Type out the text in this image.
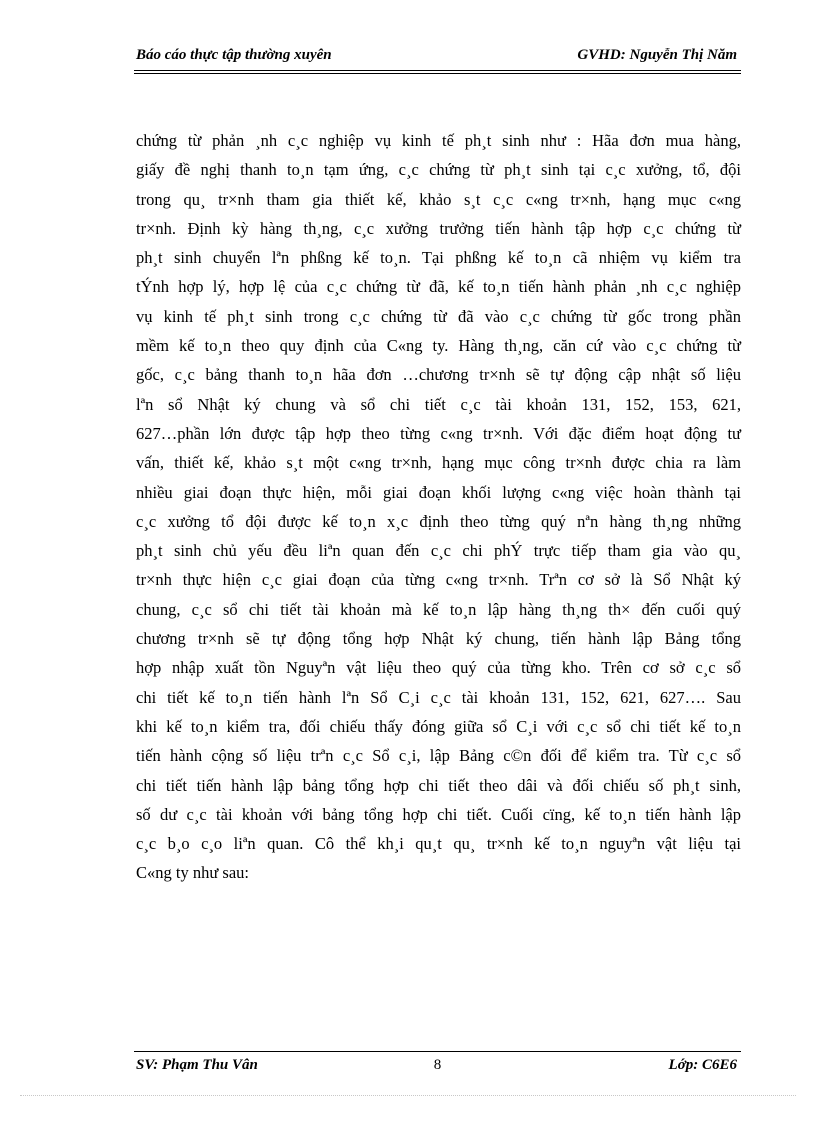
Báo cáo thực tập thường xuyên	GVHD: Nguyễn Thị Năm
chứng từ phản ¸nh c¸c nghiệp vụ kinh tế ph¸t sinh như : Hãa đơn mua hàng,
giấy đề nghị thanh to¸n tạm ứng, c¸c chứng từ ph¸t sinh tại c¸c xưởng, tổ, đội
trong qu¸ tr×nh tham gia thiết kế, khảo s¸t c¸c c«ng tr×nh, hạng mục c«ng
tr×nh. Định kỳ hàng th¸ng, c¸c xưởng trưởng tiến hành tập hợp c¸c chứng từ
ph¸t sinh chuyển lªn phßng kế to¸n. Tại phßng kế to¸n cã nhiệm vụ kiểm tra
tÝnh hợp lý, hợp lệ của c¸c chứng từ đã, kế to¸n tiến hành phản ¸nh c¸c nghiệp
vụ kinh tế ph¸t sinh trong c¸c chứng từ đã vào c¸c chứng từ gốc trong phần
mềm kế to¸n theo quy định của C«ng ty. Hàng th¸ng, căn cứ vào c¸c chứng từ
gốc, c¸c bảng thanh to¸n hãa đơn …chương tr×nh sẽ tự động cập nhật số liệu
lªn sổ Nhật ký chung và sổ chi tiết c¸c tài khoản 131, 152, 153, 621,
627…phần lớn được tập hợp theo từng c«ng tr×nh. Với đặc điểm hoạt động tư
vấn, thiết kế, khảo s¸t một c«ng tr×nh, hạng mục công tr×nh được chia ra làm
nhiều giai đoạn thực hiện, mỗi giai đoạn khối lượng c«ng việc hoàn thành tại
c¸c xưởng tổ đội được kế to¸n x¸c định theo từng quý nªn hàng th¸ng những
ph¸t sinh chủ yếu đều liªn quan đến c¸c chi phÝ trực tiếp tham gia vào qu¸
tr×nh thực hiện c¸c giai đoạn của từng c«ng tr×nh. Trªn cơ sở là Sổ Nhật ký
chung, c¸c sổ chi tiết tài khoản mà kế to¸n lập hàng th¸ng th× đến cuối quý
chương tr×nh sẽ tự động tổng hợp Nhật ký chung, tiến hành lập Bảng tổng
hợp nhập xuất tồn Nguyªn vật liệu theo quý của từng kho. Trên cơ sở c¸c sổ
chi tiết kế to¸n tiến hành lªn Sổ C¸i c¸c tài khoản 131, 152, 621, 627…. Sau
khi kế to¸n kiểm tra, đối chiếu thấy đóng giữa sổ C¸i với c¸c sổ chi tiết kế to¸n
tiến hành cộng số liệu trªn c¸c Sổ c¸i, lập Bảng c©n đối để kiểm tra. Từ c¸c sổ
chi tiết tiến hành lập bảng tổng hợp chi tiết theo dâi và đối chiếu số ph¸t sinh,
số dư c¸c tài khoản với bảng tổng hợp chi tiết. Cuối cïng, kế to¸n tiến hành lập
c¸c b¸o c¸o liªn quan. Cô thể kh¸i qu¸t qu¸ tr×nh kế to¸n nguyªn vật liệu tại
C«ng ty như sau:
SV: Phạm Thu Vân	8	Lớp: C6E6
